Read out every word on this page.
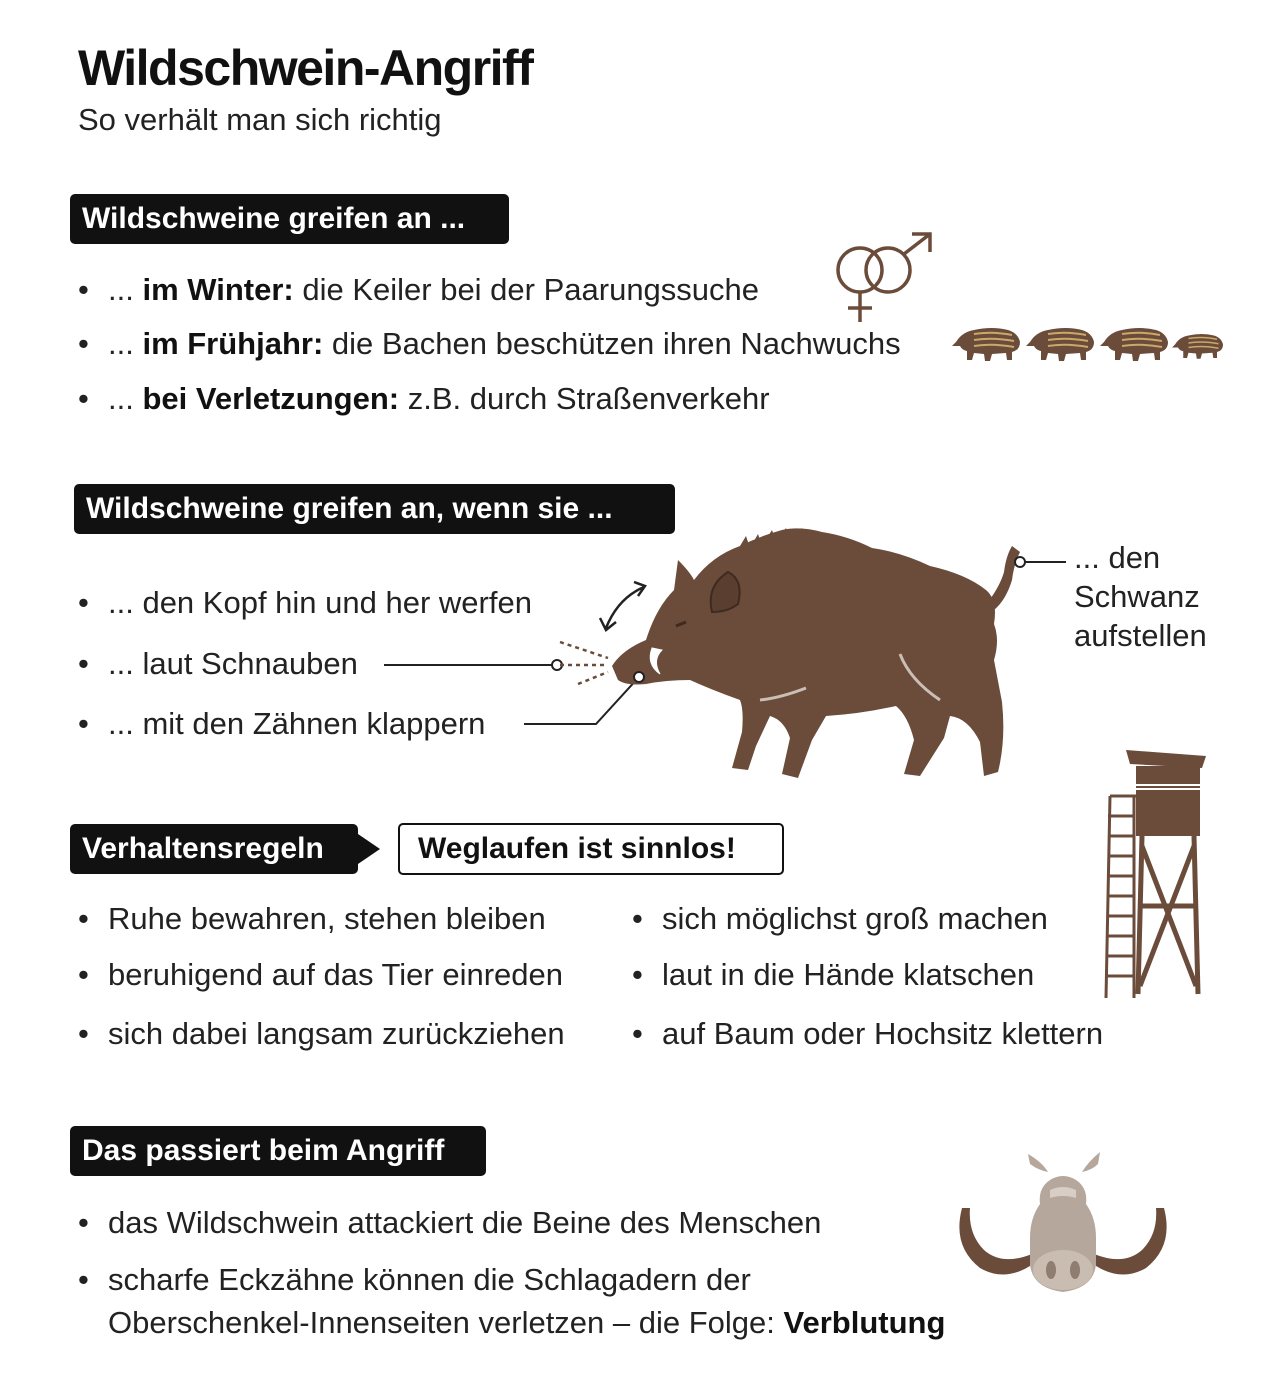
Wildschwein-Angriff
So verhält man sich richtig
Wildschweine greifen an ...
• ... im Winter: die Keiler bei der Paarungssuche
• ... im Frühjahr: die Bachen beschützen ihren Nachwuchs
• ... bei Verletzungen: z.B. durch Straßenverkehr
Wildschweine greifen an, wenn sie ...
• ... den Kopf hin und her werfen
• ... laut Schnauben
• ... mit den Zähnen klappern
... den
Schwanz
aufstellen
Verhaltensregeln	Weglaufen ist sinnlos!
• Ruhe bewahren, stehen bleiben
• beruhigend auf das Tier einreden
• sich dabei langsam zurückziehen
• sich möglichst groß machen
• laut in die Hände klatschen
• auf Baum oder Hochsitz klettern
Das passiert beim Angriff
• das Wildschwein attackiert die Beine des Menschen
• scharfe Eckzähne können die Schlagadern der
Oberschenkel-Innenseiten verletzen – die Folge: Verblutung
